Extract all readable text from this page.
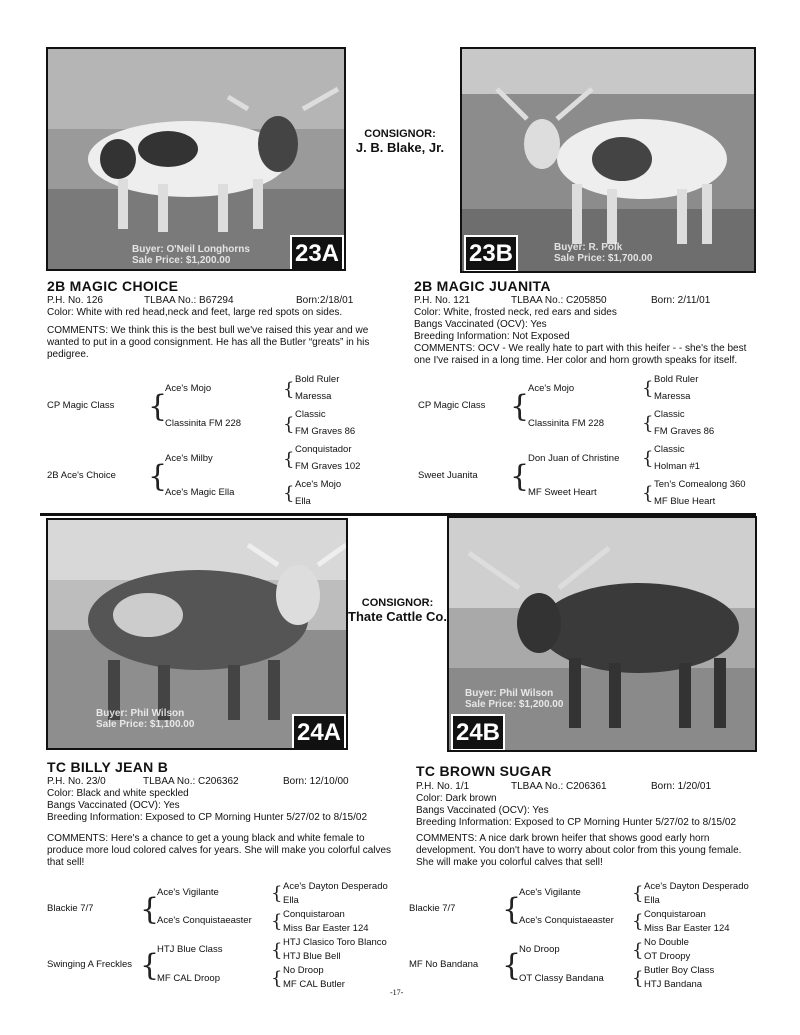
CONSIGNOR:
J. B. Blake, Jr.
CONSIGNOR:
Thate Cattle Co.
Buyer: O'Neil Longhorns
Sale Price: $1,200.00	23A	Buyer: R. Polk
Sale Price: $1,700.00
23B
2B MAGIC CHOICE
P.H. No. 126	TLBAA No.: B67294	Born:2/18/01
Color: White with red head,neck and feet, large red spots on sides.
COMMENTS: We think this is the best bull we've raised this year and we wanted to put in a good consignment. He has all the Butler “greats” in his pedigree.
2B MAGIC JUANITA
P.H. No. 121	TLBAA No.: C205850	Born: 2/11/01
Color: White, frosted neck, red ears and sides
Bangs Vaccinated (OCV): Yes
Breeding Information: Not Exposed
COMMENTS: OCV - We really hate to part with this heifer - - she's the best one I've raised in a long time. Her color and horn growth speaks for itself.
CP Magic Class {
Ace's Mojo
Classinita FM 228
{ Bold Ruler
Maressa
{ Classic
FM Graves 86
2B Ace's Choice {
Ace's Milby
Ace's Magic Ella
{ Conquistador
FM Graves 102
{ Ace's Mojo
Ella
CP Magic Class {
Ace's Mojo
Classinita FM 228
{ Bold Ruler
Maressa
{ Classic
FM Graves 86
Sweet Juanita {
Don Juan of Christine
MF Sweet Heart
{ Classic
Holman #1
{ Ten's Comealong 360
MF Blue Heart
Buyer: Phil Wilson
Sale Price: $1,100.00	24A
Buyer: Phil Wilson
Sale Price: $1,200.00
24B
TC BILLY JEAN B
P.H. No. 23/0	TLBAA No.: C206362	Born: 12/10/00
Color: Black and white speckled
Bangs Vaccinated (OCV): Yes
Breeding Information: Exposed to CP Morning Hunter 5/27/02 to 8/15/02
COMMENTS: Here's a chance to get a young black and white female to produce more loud colored calves for years. She will make you colorful calves that sell!
TC BROWN SUGAR
P.H. No. 1/1	TLBAA No.: C206361	Born: 1/20/01
Color: Dark brown
Bangs Vaccinated (OCV): Yes
Breeding Information: Exposed to CP Morning Hunter 5/27/02 to 8/15/02
COMMENTS: A nice dark brown heifer that shows good early horn development. You don't have to worry about color from this young female. She will make you colorful calves that sell!
Blackie 7/7 {
Ace's Vigilante
Ace's Conquistaeaster
{ Ace's Dayton Desperado
Ella
{ Conquistaroan
Miss Bar Easter 124
Swinging A Freckles {
HTJ Blue Class
MF CAL Droop
{ HTJ Clasico Toro Blanco
HTJ Blue Bell
{ No Droop
MF CAL Butler
Blackie 7/7 {
Ace's Vigilante
Ace's Conquistaeaster
{ Ace's Dayton Desperado
Ella
{ Conquistaroan
Miss Bar Easter 124
MF No Bandana {
No Droop
OT Classy Bandana
{ No Double
OT Droopy
{ Butler Boy Class
HTJ Bandana
-17-
